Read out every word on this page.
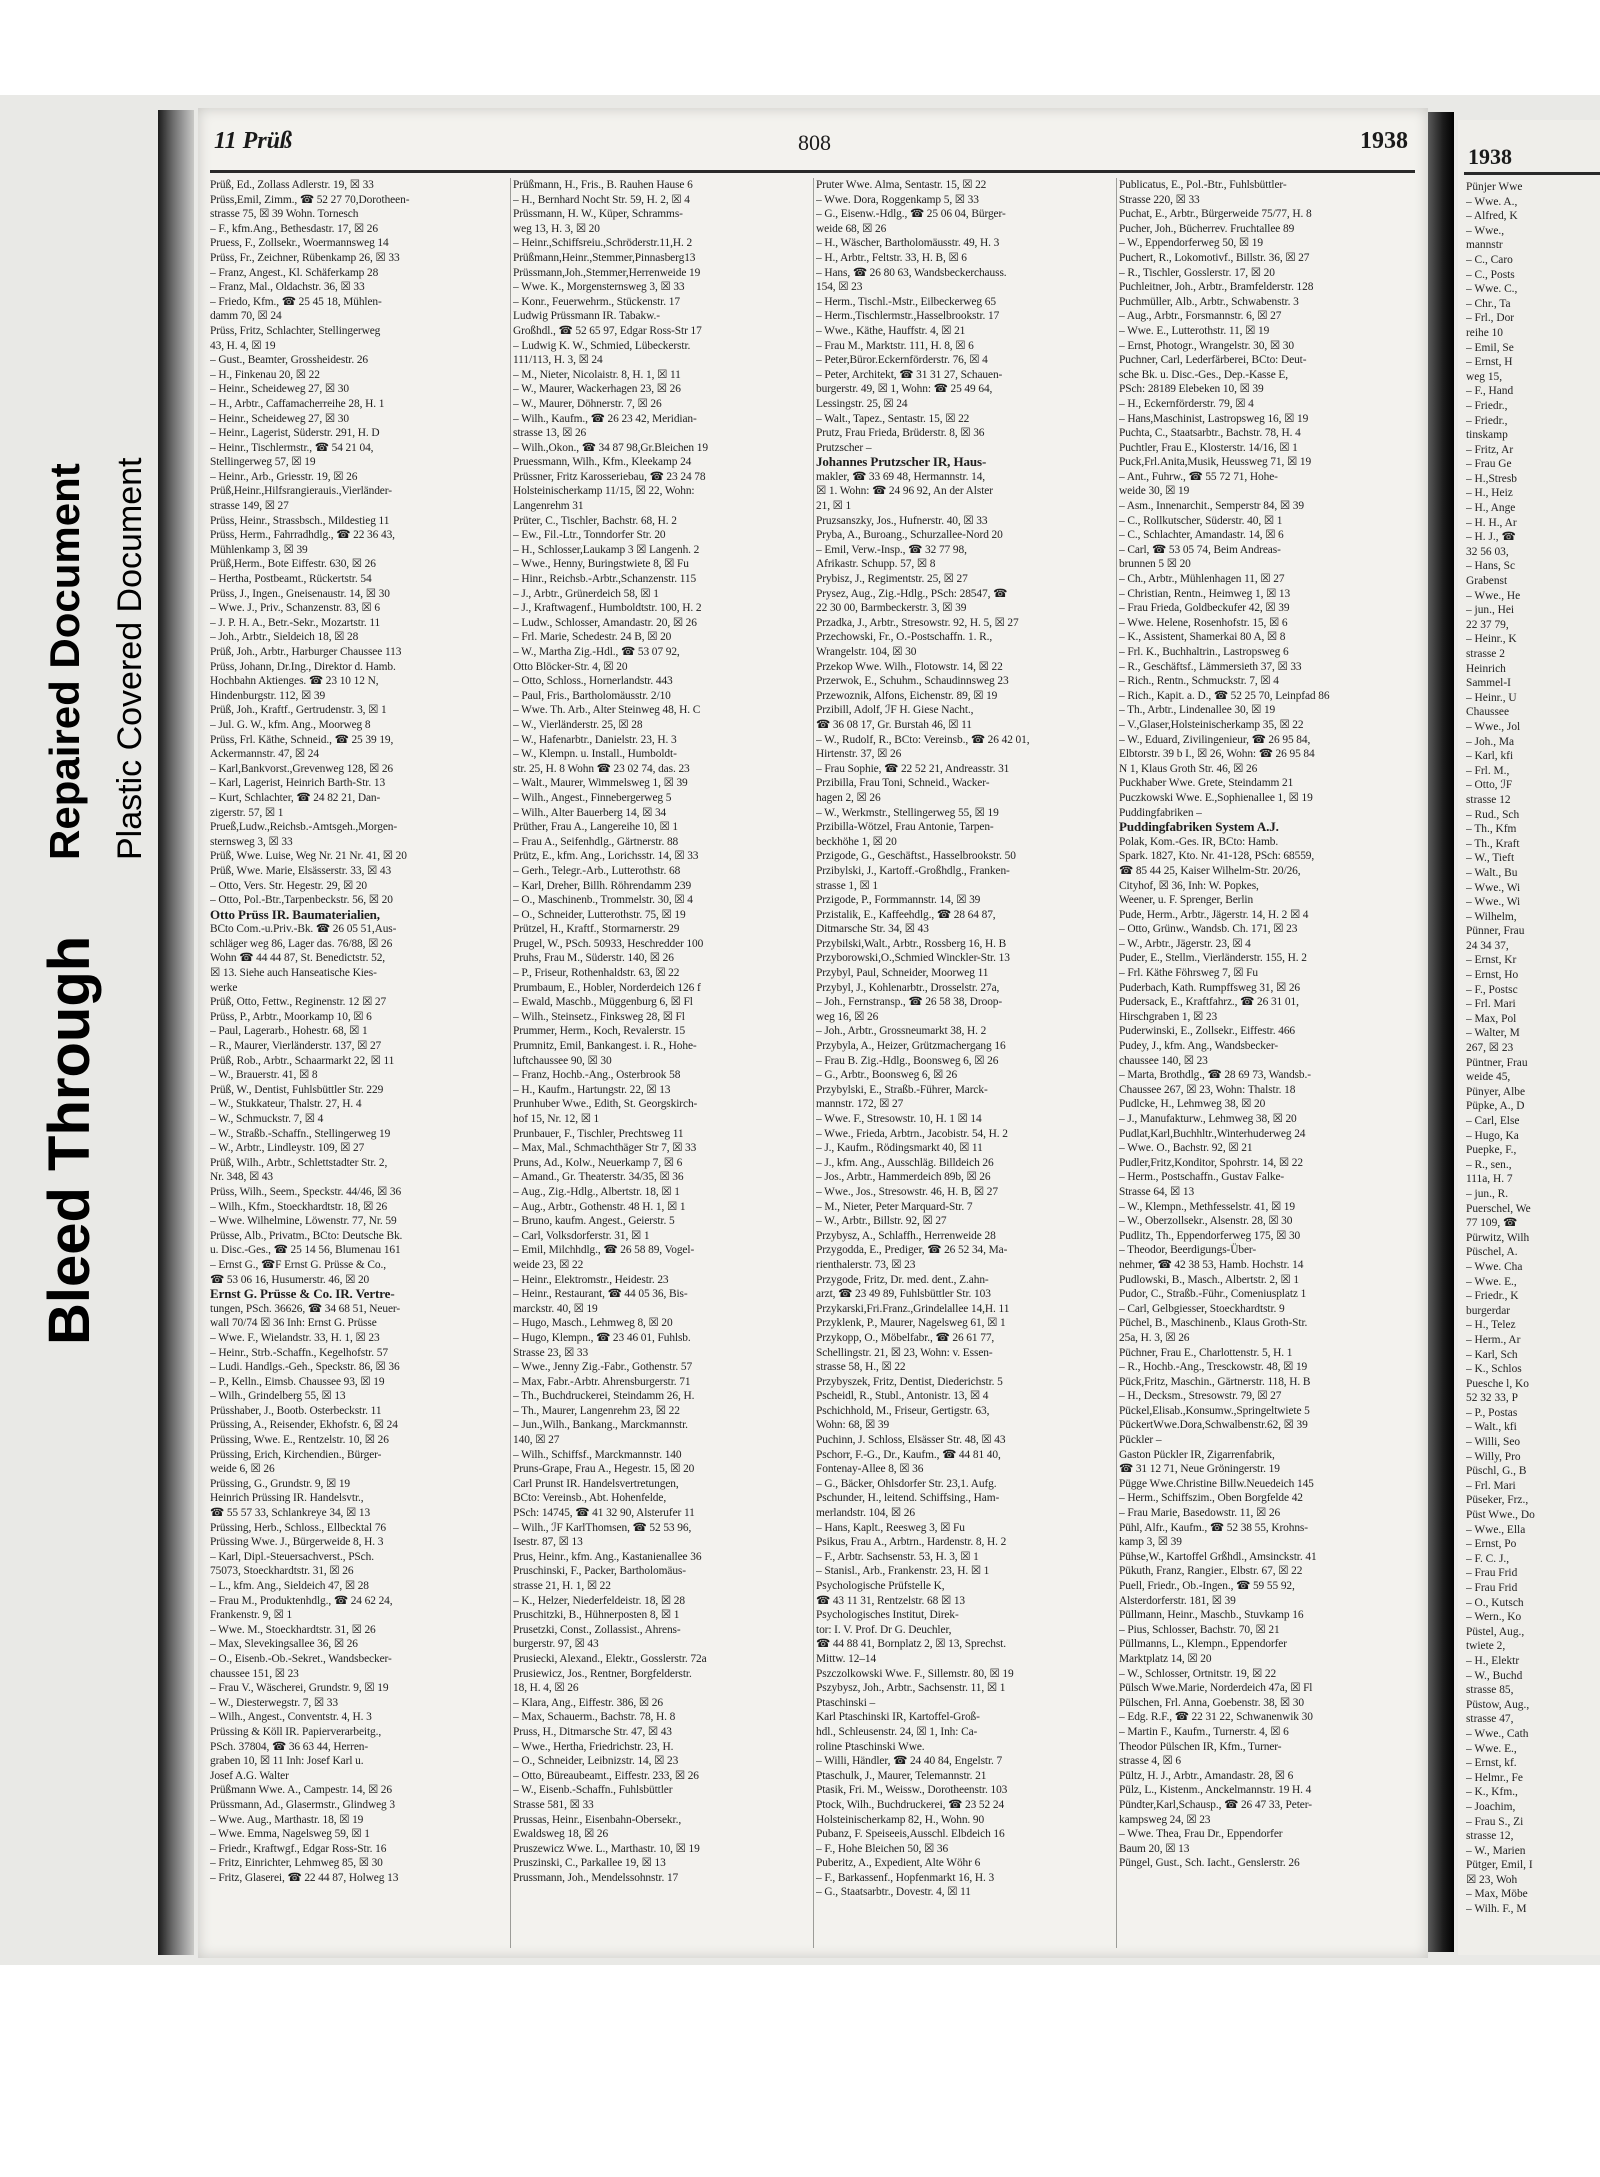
Bleed Through
Repaired Document Plastic Covered Document
11 Prüß	808	1938
Prüß, Ed., Zollass Adlerstr. 19, ☒ 33
Prüss,Emil, Zimm., ☎ 52 27 70,Dorotheen-
strasse 75, ☒ 39 Wohn. Tornesch
– F., kfm.Ang., Bethesdastr. 17, ☒ 26
Pruess, F., Zollsekr., Woermannsweg 14
Prüss, Fr., Zeichner, Rübenkamp 26, ☒ 33
– Franz, Angest., Kl. Schäferkamp 28
– Franz, Mal., Oldachstr. 36, ☒ 33
– Friedo, Kfm., ☎ 25 45 18, Mühlen-
damm 70, ☒ 24
Prüss, Fritz, Schlachter, Stellingerweg
43, H. 4, ☒ 19
– Gust., Beamter, Grossheidestr. 26
– H., Finkenau 20, ☒ 22
– Heinr., Scheideweg 27, ☒ 30
– H., Arbtr., Caffamacherreihe 28, H. 1
– Heinr., Scheideweg 27, ☒ 30
– Heinr., Lagerist, Süderstr. 291, H. D
– Heinr., Tischlermstr., ☎ 54 21 04,
Stellingerweg 57, ☒ 19
– Heinr., Arb., Griesstr. 19, ☒ 26
Prüß,Heinr.,Hilfsrangierauis.,Vierländer-
strasse 149, ☒ 27
Prüss, Heinr., Strassbsch., Mildestieg 11
Prüss, Herm., Fahrradhdlg., ☎ 22 36 43,
Mühlenkamp 3, ☒ 39
Prüß,Herm., Bote Eiffestr. 630, ☒ 26
– Hertha, Postbeamt., Rückertstr. 54
Prüss, J., Ingen., Gneisenaustr. 14, ☒ 30
– Wwe. J., Priv., Schanzenstr. 83, ☒ 6
– J. P. H. A., Betr.-Sekr., Mozartstr. 11
– Joh., Arbtr., Sieldeich 18, ☒ 28
Prüß, Joh., Arbtr., Harburger Chaussee 113
Prüss, Johann, Dr.Ing., Direktor d. Hamb.
Hochbahn Aktienges. ☎ 23 10 12 N,
Hindenburgstr. 112, ☒ 39
Prüß, Joh., Kraftf., Gertrudenstr. 3, ☒ 1
– Jul. G. W., kfm. Ang., Moorweg 8
Prüss, Frl. Käthe, Schneid., ☎ 25 39 19,
Ackermannstr. 47, ☒ 24
– Karl,Bankvorst.,Grevenweg 128, ☒ 26
– Karl, Lagerist, Heinrich Barth-Str. 13
– Kurt, Schlachter, ☎ 24 82 21, Dan-
zigerstr. 57, ☒ 1
Prueß,Ludw.,Reichsb.-Amtsgeh.,Morgen-
sternsweg 3, ☒ 33
Prüß, Wwe. Luise, Weg Nr. 21 Nr. 41, ☒ 20
Prüß, Wwe. Marie, Elsässerstr. 33, ☒ 43
– Otto, Vers. Str. Hegestr. 29, ☒ 20
– Otto, Pol.-Btr.,Tarpenbeckstr. 56, ☒ 20
Otto Prüss IR. Baumaterialien,
BCto Com.-u.Priv.-Bk. ☎ 26 05 51,Aus-
schläger weg 86, Lager das. 76/88, ☒ 26
Wohn ☎ 44 44 87, St. Benedictstr. 52,
☒ 13. Siehe auch Hanseatische Kies-
werke
Prüß, Otto, Fettw., Reginenstr. 12 ☒ 27
Prüss, P., Arbtr., Moorkamp 10, ☒ 6
– Paul, Lagerarb., Hohestr. 68, ☒ 1
– R., Maurer, Vierländerstr. 137, ☒ 27
Prüß, Rob., Arbtr., Schaarmarkt 22, ☒ 11
– W., Brauerstr. 41, ☒ 8
Prüß, W., Dentist, Fuhlsbüttler Str. 229
– W., Stukkateur, Thalstr. 27, H. 4
– W., Schmuckstr. 7, ☒ 4
– W., Straßb.-Schaffn., Stellingerweg 19
– W., Arbtr., Lindleystr. 109, ☒ 27
Prüß, Wilh., Arbtr., Schlettstadter Str. 2,
Nr. 348, ☒ 43
Prüss, Wilh., Seem., Speckstr. 44/46, ☒ 36
– Wilh., Kfm., Stoeckhardtstr. 18, ☒ 26
– Wwe. Wilhelmine, Löwenstr. 77, Nr. 59
Prüsse, Alb., Privatm., BCto: Deutsche Bk.
u. Disc.-Ges., ☎ 25 14 56, Blumenau 161
– Ernst G., ☎F Ernst G. Prüsse & Co.,
☎ 53 06 16, Husumerstr. 46, ☒ 20
Ernst G. Prüsse & Co. IR. Vertre-
tungen, PSch. 36626, ☎ 34 68 51, Neuer-
wall 70/74 ☒ 36 Inh: Ernst G. Prüsse
– Wwe. F., Wielandstr. 33, H. 1, ☒ 23
– Heinr., Strb.-Schaffn., Kegelhofstr. 57
– Ludi. Handlgs.-Geh., Speckstr. 86, ☒ 36
– P., Kelln., Eimsb. Chaussee 93, ☒ 19
– Wilh., Grindelberg 55, ☒ 13
Prüsshaber, J., Bootb. Osterbeckstr. 11
Prüssing, A., Reisender, Ekhofstr. 6, ☒ 24
Prüssing, Wwe. E., Rentzelstr. 10, ☒ 26
Prüssing, Erich, Kirchendien., Bürger-
weide 6, ☒ 26
Prüssing, G., Grundstr. 9, ☒ 19
Heinrich Prüssing IR. Handelsvtr.,
☎ 55 57 33, Schlankreye 34, ☒ 13
Prüssing, Herb., Schloss., Ellbecktal 76
Prüssing Wwe. J., Bürgerweide 8, H. 3
– Karl, Dipl.-Steuersachverst., PSch.
75073, Stoeckhardtstr. 31, ☒ 26
– L., kfm. Ang., Sieldeich 47, ☒ 28
– Frau M., Produktenhdlg., ☎ 24 62 24,
Frankenstr. 9, ☒ 1
– Wwe. M., Stoeckhardtstr. 31, ☒ 26
– Max, Slevekingsallee 36, ☒ 26
– O., Eisenb.-Ob.-Sekret., Wandsbecker-
chaussee 151, ☒ 23
– Frau V., Wäscherei, Grundstr. 9, ☒ 19
– W., Diesterwegstr. 7, ☒ 33
– Wilh., Angest., Conventstr. 4, H. 3
Prüssing & Köll IR. Papierverarbeitg.,
PSch. 37804, ☎ 36 63 44, Herren-
graben 10, ☒ 11 Inh: Josef Karl u.
Josef A.G. Walter
Prüßmann Wwe. A., Campestr. 14, ☒ 26
Prüssmann, Ad., Glasermstr., Glindweg 3
– Wwe. Aug., Marthastr. 18, ☒ 19
– Wwe. Emma, Nagelsweg 59, ☒ 1
– Friedr., Kraftwgf., Edgar Ross-Str. 16
– Fritz, Einrichter, Lehmweg 85, ☒ 30
– Fritz, Glaserei, ☎ 22 44 87, Holweg 13
Prüßmann, H., Fris., B. Rauhen Hause 6
– H., Bernhard Nocht Str. 59, H. 2, ☒ 4
Prüssmann, H. W., Küper, Schramms-
weg 13, H. 3, ☒ 20
– Heinr.,Schiffsreiu.,Schröderstr.11,H. 2
Prüßmann,Heinr.,Stemmer,Pinnasberg13
Prüssmann,Joh.,Stemmer,Herrenweide 19
– Wwe. K., Morgensternsweg 3, ☒ 33
– Konr., Feuerwehrm., Stückenstr. 17
Ludwig Prüssmann IR. Tabakw.-
Großhdl., ☎ 52 65 97, Edgar Ross-Str 17
– Ludwig K. W., Schmied, Lübeckerstr.
111/113, H. 3, ☒ 24
– M., Nieter, Nicolaistr. 8, H. 1, ☒ 11
– W., Maurer, Wackerhagen 23, ☒ 26
– W., Maurer, Döhnerstr. 7, ☒ 26
– Wilh., Kaufm., ☎ 26 23 42, Meridian-
strasse 13, ☒ 26
– Wilh.,Okon., ☎ 34 87 98,Gr.Bleichen 19
Pruessmann, Wilh., Kfm., Kleekamp 24
Prüssner, Fritz Karosseriebau, ☎ 23 24 78
Holsteinischerkamp 11/15, ☒ 22, Wohn:
Langenrehm 31
Prüter, C., Tischler, Bachstr. 68, H. 2
– Ew., Fil.-Ltr., Tonndorfer Str. 20
– H., Schlosser,Laukamp 3 ☒ Langenh. 2
– Wwe., Henny, Buringstwiete 8, ☒ Fu
– Hinr., Reichsb.-Arbtr.,Schanzenstr. 115
– J., Arbtr., Grünerdeich 58, ☒ 1
– J., Kraftwagenf., Humboldtstr. 100, H. 2
– Ludw., Schlosser, Amandastr. 20, ☒ 26
– Frl. Marie, Schedestr. 24 B, ☒ 20
– W., Martha Zig.-Hdl., ☎ 53 07 92,
Otto Blöcker-Str. 4, ☒ 20
– Otto, Schloss., Hornerlandstr. 443
– Paul, Fris., Bartholomäusstr. 2/10
– Wwe. Th. Arb., Alter Steinweg 48, H. C
– W., Vierländerstr. 25, ☒ 28
– W., Hafenarbtr., Danielstr. 23, H. 3
– W., Klempn. u. Install., Humboldt-
str. 25, H. 8 Wohn ☎ 23 02 74, das. 23
– Walt., Maurer, Wimmelsweg 1, ☒ 39
– Wilh., Angest., Finnebergerweg 5
– Wilh., Alter Bauerberg 14, ☒ 34
Prüther, Frau A., Langereihe 10, ☒ 1
– Frau A., Seifenhdlg., Gärtnerstr. 88
Prütz, E., kfm. Ang., Lorichsstr. 14, ☒ 33
– Gerh., Telegr.-Arb., Lutterothstr. 68
– Karl, Dreher, Billh. Röhrendamm 239
– O., Maschinenb., Trommelstr. 30, ☒ 4
– O., Schneider, Lutterothstr. 75, ☒ 19
Prützel, H., Kraftf., Stormarnerstr. 29
Prugel, W., PSch. 50933, Heschredder 100
Pruhs, Frau M., Süderstr. 140, ☒ 26
– P., Friseur, Rothenhaldstr. 63, ☒ 22
Prumbaum, E., Hobler, Norderdeich 126 f
– Ewald, Maschb., Müggenburg 6, ☒ Fl
– Wilh., Steinsetz., Finksweg 28, ☒ Fl
Prummer, Herm., Koch, Revalerstr. 15
Prumnitz, Emil, Bankangest. i. R., Hohe-
luftchaussee 90, ☒ 30
– Franz, Hochb.-Ang., Osterbrook 58
– H., Kaufm., Hartungstr. 22, ☒ 13
Prunhuber Wwe., Edith, St. Georgskirch-
hof 15, Nr. 12, ☒ 1
Prunbauer, F., Tischler, Prechtsweg 11
– Max, Mal., Schmachthäger Str 7, ☒ 33
Pruns, Ad., Kolw., Neuerkamp 7, ☒ 6
– Amand., Gr. Theaterstr. 34/35, ☒ 36
– Aug., Zig.-Hdlg., Albertstr. 18, ☒ 1
– Aug., Arbtr., Gothenstr. 48 H. 1, ☒ 1
– Bruno, kaufm. Angest., Geierstr. 5
– Carl, Volksdorferstr. 31, ☒ 1
– Emil, Milchhdlg., ☎ 26 58 89, Vogel-
weide 23, ☒ 22
– Heinr., Elektromstr., Heidestr. 23
– Heinr., Restaurant, ☎ 44 05 36, Bis-
marckstr. 40, ☒ 19
– Hugo, Masch., Lehmweg 8, ☒ 20
– Hugo, Klempn., ☎ 23 46 01, Fuhlsb.
Strasse 23, ☒ 33
– Wwe., Jenny Zig.-Fabr., Gothenstr. 57
– Max, Fabr.-Arbtr. Ahrensburgerstr. 71
– Th., Buchdruckerei, Steindamm 26, H.
– Th., Maurer, Langenrehm 23, ☒ 22
– Jun.,Wilh., Bankang., Marckmannstr.
140, ☒ 27
– Wilh., Schiffsf., Marckmannstr. 140
Pruns-Grape, Frau A., Hegestr. 15, ☒ 20
Carl Prunst IR. Handelsvertretungen,
BCto: Vereinsb., Abt. Hohenfelde,
PSch: 14745, ☎ 41 32 90, Alsterufer 11
– Wilh., ℐF KarlThomsen, ☎ 52 53 96,
Isestr. 87, ☒ 13
Prus, Heinr., kfm. Ang., Kastanienallee 36
Pruschinski, F., Packer, Bartholomäus-
strasse 21, H. 1, ☒ 22
– K., Helzer, Niederfeldeistr. 18, ☒ 28
Pruschitzki, B., Hühnerposten 8, ☒ 1
Prusetzki, Const., Zollassist., Ahrens-
burgerstr. 97, ☒ 43
Prusiecki, Alexand., Elektr., Gosslerstr. 72a
Prusiewicz, Jos., Rentner, Borgfelderstr.
18, H. 4, ☒ 26
– Klara, Ang., Eiffestr. 386, ☒ 26
– Max, Schauerm., Bachstr. 78, H. 8
Pruss, H., Ditmarsche Str. 47, ☒ 43
– Wwe., Hertha, Friedrichstr. 23, H.
– O., Schneider, Leibnizstr. 14, ☒ 23
– Otto, Büreaubeamt., Eiffestr. 233, ☒ 26
– W., Eisenb.-Schaffn., Fuhlsbüttler
Strasse 581, ☒ 33
Prussas, Heinr., Eisenbahn-Obersekr.,
Ewaldsweg 18, ☒ 26
Pruszewicz Wwe. L., Marthastr. 10, ☒ 19
Pruszinski, C., Parkallee 19, ☒ 13
Prussmann, Joh., Mendelssohnstr. 17
Pruter Wwe. Alma, Sentastr. 15, ☒ 22
– Wwe. Dora, Roggenkamp 5, ☒ 33
– G., Eisenw.-Hdlg., ☎ 25 06 04, Bürger-
weide 68, ☒ 26
– H., Wäscher, Bartholomäusstr. 49, H. 3
– H., Arbtr., Feltstr. 33, H. B, ☒ 6
– Hans, ☎ 26 80 63, Wandsbeckerchauss.
154, ☒ 23
– Herm., Tischl.-Mstr., Eilbeckerweg 65
– Herm.,Tischlermstr.,Hasselbrookstr. 17
– Wwe., Käthe, Hauffstr. 4, ☒ 21
– Frau M., Marktstr. 111, H. 8, ☒ 6
– Peter,Büror.Eckernförderstr. 76, ☒ 4
– Peter, Architekt, ☎ 31 31 27, Schauen-
burgerstr. 49, ☒ 1, Wohn: ☎ 25 49 64,
Lessingstr. 25, ☒ 24
– Walt., Tapez., Sentastr. 15, ☒ 22
Prutz, Frau Frieda, Brüderstr. 8, ☒ 36
Prutzscher –
Johannes Prutzscher IR, Haus-
makler, ☎ 33 69 48, Hermannstr. 14,
☒ 1. Wohn: ☎ 24 96 92, An der Alster
21, ☒ 1
Pruzsanszky, Jos., Hufnerstr. 40, ☒ 33
Pryba, A., Buroang., Schurzallee-Nord 20
– Emil, Verw.-Insp., ☎ 32 77 98,
Afrikastr. Schupp. 57, ☒ 8
Prybisz, J., Regimentstr. 25, ☒ 27
Prysez, Aug., Zig.-Hdlg., PSch: 28547, ☎
22 30 00, Barmbeckerstr. 3, ☒ 39
Przadka, J., Arbtr., Stresowstr. 92, H. 5, ☒ 27
Przechowski, Fr., O.-Postschaffn. 1. R.,
Wrangelstr. 104, ☒ 30
Przekop Wwe. Wilh., Flotowstr. 14, ☒ 22
Przerwok, E., Schuhm., Schaudinnsweg 23
Przewoznik, Alfons, Eichenstr. 89, ☒ 19
Przibill, Adolf, ℐF H. Giese Nacht.,
☎ 36 08 17, Gr. Burstah 46, ☒ 11
– W., Rudolf, R., BCto: Vereinsb., ☎ 26 42 01,
Hirtenstr. 37, ☒ 26
– Frau Sophie, ☎ 22 52 21, Andreasstr. 31
Przibilla, Frau Toni, Schneid., Wacker-
hagen 2, ☒ 26
– W., Werkmstr., Stellingerweg 55, ☒ 19
Przibilla-Wötzel, Frau Antonie, Tarpen-
beckhöhe 1, ☒ 20
Przigode, G., Geschäftst., Hasselbrookstr. 50
Przibylski, J., Kartoff.-Großhdlg., Franken-
strasse 1, ☒ 1
Przigode, P., Formmannstr. 14, ☒ 39
Przistalik, E., Kaffeehdlg., ☎ 28 64 87,
Ditmarsche Str. 34, ☒ 43
Przybilski,Walt., Arbtr., Rossberg 16, H. B
Przyborowski,O.,Schmied Winckler-Str. 13
Przybyl, Paul, Schneider, Moorweg 11
Przybyl, J., Kohlenarbtr., Drosselstr. 27a,
– Joh., Fernstransp., ☎ 26 58 38, Droop-
weg 16, ☒ 26
– Joh., Arbtr., Grossneumarkt 38, H. 2
Przybyla, A., Heizer, Grützmachergang 16
– Frau B. Zig.-Hdlg., Boonsweg 6, ☒ 26
– G., Arbtr., Boonsweg 6, ☒ 26
Przybylski, E., Straßb.-Führer, Marck-
mannstr. 172, ☒ 27
– Wwe. F., Stresowstr. 10, H. 1 ☒ 14
– Wwe., Frieda, Arbtrn., Jacobistr. 54, H. 2
– J., Kaufm., Rödingsmarkt 40, ☒ 11
– J., kfm. Ang., Ausschläg. Billdeich 26
– Jos., Arbtr., Hammerdeich 89b, ☒ 26
– Wwe., Jos., Stresowstr. 46, H. B, ☒ 27
– M., Nieter, Peter Marquard-Str. 7
– W., Arbtr., Billstr. 92, ☒ 27
Przybysz, A., Schlaffh., Herrenweide 28
Przygodda, E., Prediger, ☎ 26 52 34, Ma-
rienthalerstr. 73, ☒ 23
Przygode, Fritz, Dr. med. dent., Z.ahn-
arzt, ☎ 23 49 89, Fuhlsbüttler Str. 103
Przykarski,Fri.Franz.,Grindelallee 14,H. 11
Przyklenk, P., Maurer, Nagelsweg 61, ☒ 1
Przykopp, O., Möbelfabr., ☎ 26 61 77,
Schellingstr. 21, ☒ 23, Wohn: v. Essen-
strasse 58, H., ☒ 22
Przybyszek, Fritz, Dentist, Diederichstr. 5
Pscheidl, R., Stubl., Antonistr. 13, ☒ 4
Pschichhold, M., Friseur, Gertigstr. 63,
Wohn: 68, ☒ 39
Puchinn, J. Schloss, Elsässer Str. 48, ☒ 43
Pschorr, F.-G., Dr., Kaufm., ☎ 44 81 40,
Fontenay-Allee 8, ☒ 36
– G., Bäcker, Ohlsdorfer Str. 23,1. Aufg.
Pschunder, H., leitend. Schiffsing., Ham-
merlandstr. 104, ☒ 26
– Hans, Kaplt., Reesweg 3, ☒ Fu
Psikus, Frau A., Arbtrn., Hardenstr. 8, H. 2
– F., Arbtr. Sachsenstr. 53, H. 3, ☒ 1
– Stanisl., Arb., Frankenstr. 23, H. ☒ 1
Psychologische Prüfstelle K,
☎ 43 11 31, Rentzelstr. 68 ☒ 13
Psychologisches Institut, Direk-
tor: I. V. Prof. Dr G. Deuchler,
☎ 44 88 41, Bornplatz 2, ☒ 13, Sprechst.
Mittw. 12–14
Pszczolkowski Wwe. F., Sillemstr. 80, ☒ 19
Pszybysz, Joh., Arbtr., Sachsenstr. 11, ☒ 1
Ptaschinski –
Karl Ptaschinski IR, Kartoffel-Groß-
hdl., Schleusenstr. 24, ☒ 1, Inh: Ca-
roline Ptaschinski Wwe.
– Willi, Händler, ☎ 24 40 84, Engelstr. 7
Ptaschulk, J., Maurer, Telemannstr. 21
Ptasik, Fri. M., Weissw., Dorotheenstr. 103
Ptock, Wilh., Buchdruckerei, ☎ 23 52 24
Holsteinischerkamp 82, H., Wohn. 90
Pubanz, F. Speiseeis,Ausschl. Elbdeich 16
– F., Hohe Bleichen 50, ☒ 36
Puberitz, A., Expedient, Alte Wöhr 6
– F., Barkassenf., Hopfenmarkt 16, H. 3
– G., Staatsarbtr., Dovestr. 4, ☒ 11
Publicatus, E., Pol.-Btr., Fuhlsbüttler-
Strasse 220, ☒ 33
Puchat, E., Arbtr., Bürgerweide 75/77, H. 8
Pucher, Joh., Bücherrev. Fruchtallee 89
– W., Eppendorferweg 50, ☒ 19
Puchert, R., Lokomotivf., Billstr. 36, ☒ 27
– R., Tischler, Gosslerstr. 17, ☒ 20
Puchleitner, Joh., Arbtr., Bramfelderstr. 128
Puchmüller, Alb., Arbtr., Schwabenstr. 3
– Aug., Arbtr., Forsmannstr. 6, ☒ 27
– Wwe. E., Lutterothstr. 11, ☒ 19
– Ernst, Photogr., Wrangelstr. 30, ☒ 30
Puchner, Carl, Lederfärberei, BCto: Deut-
sche Bk. u. Disc.-Ges., Dep.-Kasse E,
PSch: 28189 Elebeken 10, ☒ 39
– H., Eckernförderstr. 79, ☒ 4
– Hans,Maschinist, Lastropsweg 16, ☒ 19
Puchta, C., Staatsarbtr., Bachstr. 78, H. 4
Puchtler, Frau E., Klosterstr. 14/16, ☒ 1
Puck,Frl.Anita,Musik, Heussweg 71, ☒ 19
– Ant., Fuhrw., ☎ 55 72 71, Hohe-
weide 30, ☒ 19
– Asm., Innenarchit., Semperstr 84, ☒ 39
– C., Rollkutscher, Süderstr. 40, ☒ 1
– C., Schlachter, Amandastr. 14, ☒ 6
– Carl, ☎ 53 05 74, Beim Andreas-
brunnen 5 ☒ 20
– Ch., Arbtr., Mühlenhagen 11, ☒ 27
– Christian, Rentn., Heimweg 1, ☒ 13
– Frau Frieda, Goldbeckufer 42, ☒ 39
– Wwe. Helene, Rosenhofstr. 15, ☒ 6
– K., Assistent, Shamerkai 80 A, ☒ 8
– Frl. K., Buchhaltrin., Lastropsweg 6
– R., Geschäftsf., Lämmersieth 37, ☒ 33
– Rich., Rentn., Schmuckstr. 7, ☒ 4
– Rich., Kapit. a. D., ☎ 52 25 70, Leinpfad 86
– Th., Arbtr., Lindenallee 30, ☒ 19
– V.,Glaser,Holsteinischerkamp 35, ☒ 22
– W., Eduard, Zivilingenieur, ☎ 26 95 84,
Elbtorstr. 39 b I., ☒ 26, Wohn: ☎ 26 95 84
N 1, Klaus Groth Str. 46, ☒ 26
Puckhaber Wwe. Grete, Steindamm 21
Puczkowski Wwe. E.,Sophienallee 1, ☒ 19
Puddingfabriken –
Puddingfabriken System A.J.
Polak, Kom.-Ges. IR, BCto: Hamb.
Spark. 1827, Kto. Nr. 41-128, PSch: 68559,
☎ 85 44 25, Kaiser Wilhelm-Str. 20/26,
Cityhof, ☒ 36, Inh: W. Popkes,
Weener, u. F. Sprenger, Berlin
Pude, Herm., Arbtr., Jägerstr. 14, H. 2 ☒ 4
– Otto, Grünw., Wandsb. Ch. 171, ☒ 23
– W., Arbtr., Jägerstr. 23, ☒ 4
Puder, E., Stellm., Vierländerstr. 155, H. 2
– Frl. Käthe Föhrsweg 7, ☒ Fu
Puderbach, Kath. Rumpffsweg 31, ☒ 26
Pudersack, E., Kraftfahrz., ☎ 26 31 01,
Hirschgraben 1, ☒ 23
Puderwinski, E., Zollsekr., Eiffestr. 466
Pudey, J., kfm. Ang., Wandsbecker-
chaussee 140, ☒ 23
– Marta, Brothdlg., ☎ 28 69 73, Wandsb.-
Chaussee 267, ☒ 23, Wohn: Thalstr. 18
Pudlcke, H., Lehmweg 38, ☒ 20
– J., Manufakturw., Lehmweg 38, ☒ 20
Pudlat,Karl,Buchhltr.,Winterhuderweg 24
– Wwe. O., Bachstr. 92, ☒ 21
Pudler,Fritz,Konditor, Spohrstr. 14, ☒ 22
– Herm., Postschaffn., Gustav Falke-
Strasse 64, ☒ 13
– W., Klempn., Methfesselstr. 41, ☒ 19
– W., Oberzollsekr., Alsenstr. 28, ☒ 30
Pudlitz, Th., Eppendorferweg 175, ☒ 30
– Theodor, Beerdigungs-Über-
nehmer, ☎ 42 38 53, Hamb. Hochstr. 14
Pudlowski, B., Masch., Albertstr. 2, ☒ 1
Pudor, C., Straßb.-Führ., Comeniusplatz 1
– Carl, Gelbgiesser, Stoeckhardtstr. 9
Püchel, B., Maschinenb., Klaus Groth-Str.
25a, H. 3, ☒ 26
Püchner, Frau E., Charlottenstr. 5, H. 1
– R., Hochb.-Ang., Tresckowstr. 48, ☒ 19
Pück,Fritz, Maschin., Gärtnerstr. 118, H. B
– H., Decksm., Stresowstr. 79, ☒ 27
Pückel,Elisab.,Konsumw.,Springeltwiete 5
PückertWwe.Dora,Schwalbenstr.62, ☒ 39
Pückler –
Gaston Pückler IR, Zigarrenfabrik,
☎ 31 12 71, Neue Gröningerstr. 19
Pügge Wwe.Christine Billw.Neuedeich 145
– Herm., Schiffszim., Oben Borgfelde 42
– Frau Marie, Basedowstr. 11, ☒ 26
Pühl, Alfr., Kaufm., ☎ 52 38 55, Krohns-
kamp 3, ☒ 39
Pühse,W., Kartoffel Grßhdl., Amsinckstr. 41
Pükuth, Franz, Rangier., Elbstr. 67, ☒ 22
Puell, Friedr., Ob.-Ingen., ☎ 59 55 92,
Alsterdorferstr. 181, ☒ 39
Püllmann, Heinr., Maschb., Stuvkamp 16
– Pius, Schlosser, Bachstr. 70, ☒ 21
Püllmanns, L., Klempn., Eppendorfer
Marktplatz 14, ☒ 20
– W., Schlosser, Ortnitstr. 19, ☒ 22
Pülsch Wwe.Marie, Norderdeich 47a, ☒ Fl
Pülschen, Frl. Anna, Goebenstr. 38, ☒ 30
– Edg. R.F., ☎ 22 31 22, Schwanenwik 30
– Martin F., Kaufm., Turnerstr. 4, ☒ 6
Theodor Pülschen IR, Kfm., Turner-
strasse 4, ☒ 6
Pültz, H. J., Arbtr., Amandastr. 28, ☒ 6
Pülz, L., Kistenm., Anckelmannstr. 19 H. 4
Pündter,Karl,Schausp., ☎ 26 47 33, Peter-
kampsweg 24, ☒ 23
– Wwe. Thea, Frau Dr., Eppendorfer
Baum 20, ☒ 13
Püngel, Gust., Sch. Iacht., Genslerstr. 26
1938
Pünjer Wwe
– Wwe. A.,
– Alfred, K
– Wwe.,
mannstr
– C., Caro
– C., Posts
– Wwe. C.,
– Chr., Ta
– Frl., Dor
reihe 10
– Emil, Se
– Ernst, H
weg 15,
– F., Hand
– Friedr.,
– Friedr.,
tinskamp
– Fritz, Ar
– Frau Ge
– H.,Stresb
– H., Heiz
– H., Ange
– H. H., Ar
– H. J., ☎
32 56 03,
– Hans, Sc
Grabenst
– Wwe., He
– jun., Hei
22 37 79,
– Heinr., K
strasse 2
Heinrich
Sammel-I
– Heinr., U
Chaussee
– Wwe., Jol
– Joh., Ma
– Karl, kfi
– Frl. M.,
– Otto, ℐF
strasse 12
– Rud., Sch
– Th., Kfm
– Th., Kraft
– W., Tieft
– Walt., Bu
– Wwe., Wi
– Wwe., Wi
– Wilhelm,
Pünner, Frau
24 34 37,
– Ernst, Kr
– Ernst, Ho
– F., Postsc
– Frl. Mari
– Max, Pol
– Walter, M
267, ☒ 23
Püntner, Frau
weide 45,
Pünyer, Albe
Püpke, A., D
– Carl, Else
– Hugo, Ka
Puepke, F.,
– R., sen.,
111a, H. 7
– jun., R.
Puerschel, We
77 109, ☎
Pürwitz, Wilh
Püschel, A.
– Wwe. Cha
– Wwe. E.,
– Friedr., K
burgerdar
– H., Telez
– Herm., Ar
– Karl, Sch
– K., Schlos
Puesche l, Ko
52 32 33, P
– P., Postas
– Walt., kfi
– Willi, Seo
– Willy, Pro
Püschl, G., B
– Frl. Mari
Püseker, Frz.,
Püst Wwe., Do
– Wwe., Ella
– Ernst, Po
– F. C. J.,
– Frau Frid
– Frau Frid
– O., Kutsch
– Wern., Ko
Püstel, Aug.,
twiete 2,
– H., Elektr
– W., Buchd
strasse 85,
Püstow, Aug.,
strasse 47,
– Wwe., Cath
– Wwe. E.,
– Ernst, kf.
– Helmr., Fe
– K., Kfm.,
– Joachim,
– Frau S., Zi
strasse 12,
– W., Marien
Pütger, Emil, I
☒ 23, Woh
– Max, Möbe
– Wilh. F., M
